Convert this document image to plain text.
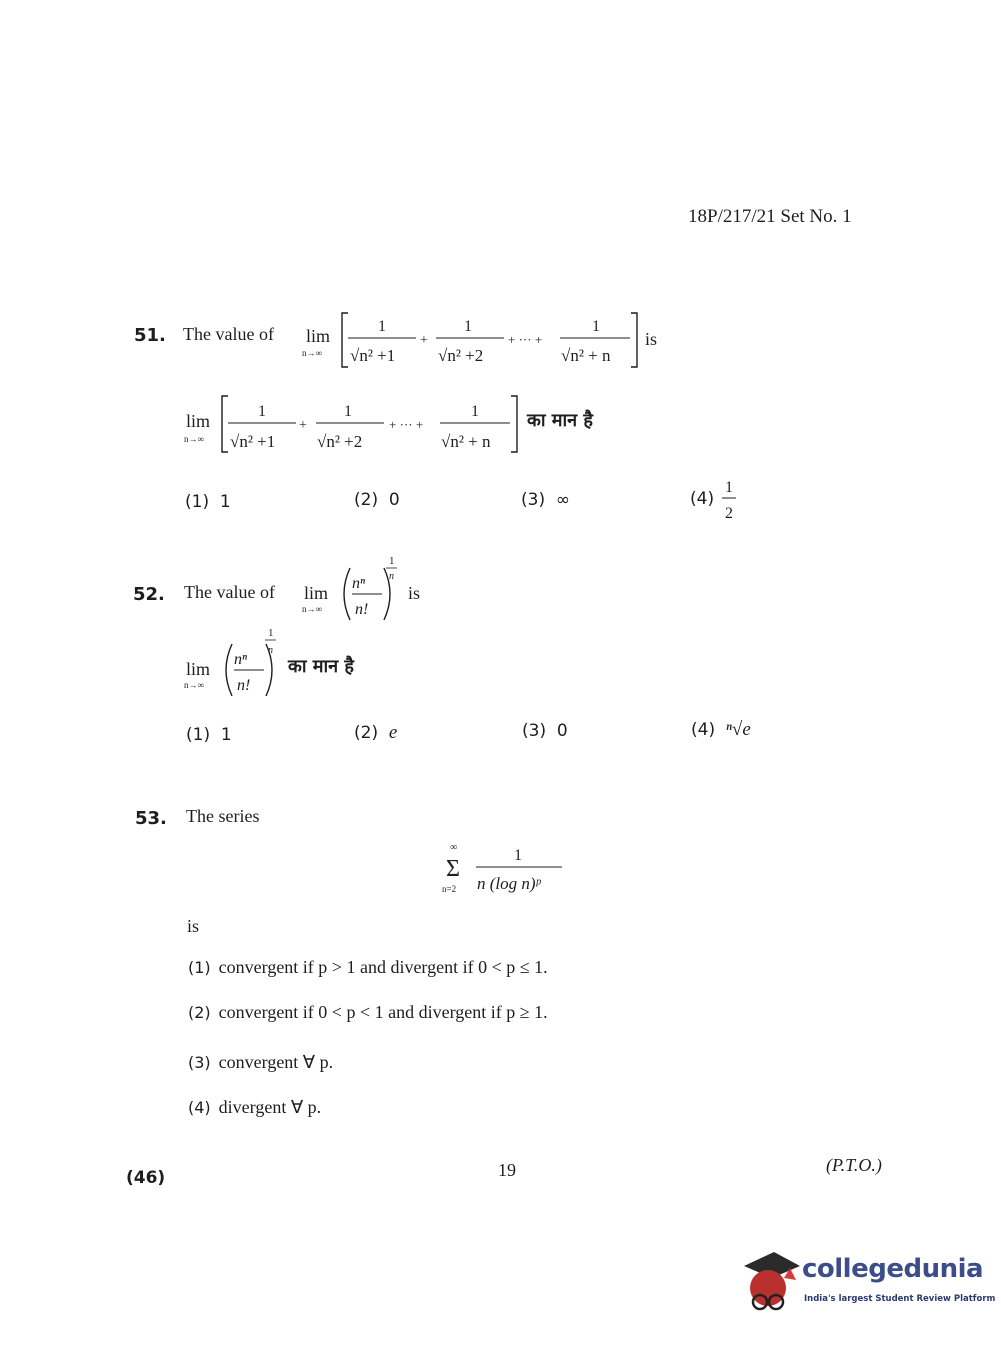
18P/217/21 Set No. 1
51. The value of lim
n→∞
1
√n² +1
+
1
√n² +2
+ ··· +
1
√n² + n
is
lim
n→∞
1
√n² +1
+
1
√n² +2
+ ··· +
1
√n² + n
का मान है
(1) 1	(2) 0	(3) ∞	(4)
1
2
52. The value of lim
n→∞
nⁿ
n!
1
n
is
lim
n→∞
nⁿ
n!
1
n
का मान है
(1) 1	(2) e	(3) 0	(4) ⁿ√e
53. The series
∞
Σ
n=2
1
n (log n)ᵖ
is
(1) convergent if p > 1 and divergent if 0 < p ≤ 1.
(2) convergent if 0 < p < 1 and divergent if p ≥ 1.
(3) convergent ∀ p.
(4) divergent ∀ p.
(46)	19	(P.T.O.)
collegedunia
India's largest Student Review Platform
